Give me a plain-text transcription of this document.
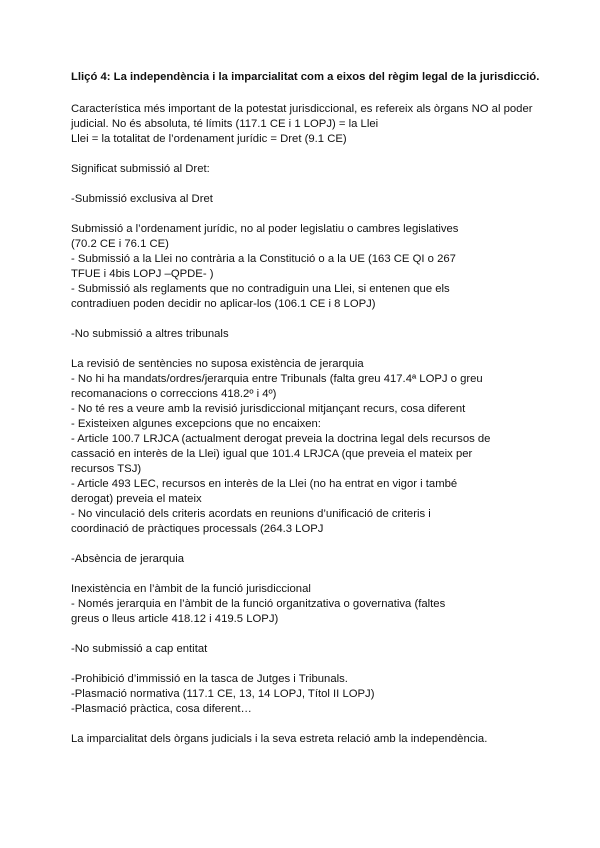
Lliçó 4: La independència i la imparcialitat com a eixos del règim legal de la jurisdicció.
Característica més important de la potestat jurisdiccional, es refereix als òrgans NO al poder
judicial. No és absoluta, té límits (117.1 CE i 1 LOPJ) = la Llei
Llei = la totalitat de l’ordenament jurídic = Dret (9.1 CE)
Significat submissió al Dret:
-Submissió exclusiva al Dret
Submissió a l’ordenament jurídic, no al poder legislatiu o cambres legislatives
(70.2 CE i 76.1 CE)
- Submissió a la Llei no contrària a la Constitució o a la UE (163 CE QI o 267
TFUE i 4bis LOPJ –QPDE- )
- Submissió als reglaments que no contradiguin una Llei, si entenen que els
contradiuen poden decidir no aplicar-los (106.1 CE i 8 LOPJ)
-No submissió a altres tribunals
La revisió de sentències no suposa existència de jerarquia
- No hi ha mandats/ordres/jerarquia entre Tribunals (falta greu 417.4ª LOPJ o greu
recomanacions o correccions 418.2º i 4º)
- No té res a veure amb la revisió jurisdiccional mitjançant recurs, cosa diferent
- Existeixen algunes excepcions que no encaixen:
- Article 100.7 LRJCA (actualment derogat preveia la doctrina legal dels recursos de
cassació en interès de la Llei) igual que 101.4 LRJCA (que preveia el mateix per
recursos TSJ)
- Article 493 LEC, recursos en interès de la Llei (no ha entrat en vigor i també
derogat) preveia el mateix
- No vinculació dels criteris acordats en reunions d’unificació de criteris i
coordinació de pràctiques processals (264.3 LOPJ
-Absència de jerarquia
Inexistència en l’àmbit de la funció jurisdiccional
- Només jerarquia en l’àmbit de la funció organitzativa o governativa (faltes
greus o lleus article 418.12 i 419.5 LOPJ)
-No submissió a cap entitat
-Prohibició d’immissió en la tasca de Jutges i Tribunals.
-Plasmació normativa (117.1 CE, 13, 14 LOPJ, Títol II LOPJ)
-Plasmació pràctica, cosa diferent…
La imparcialitat dels òrgans judicials i la seva estreta relació amb la independència.
